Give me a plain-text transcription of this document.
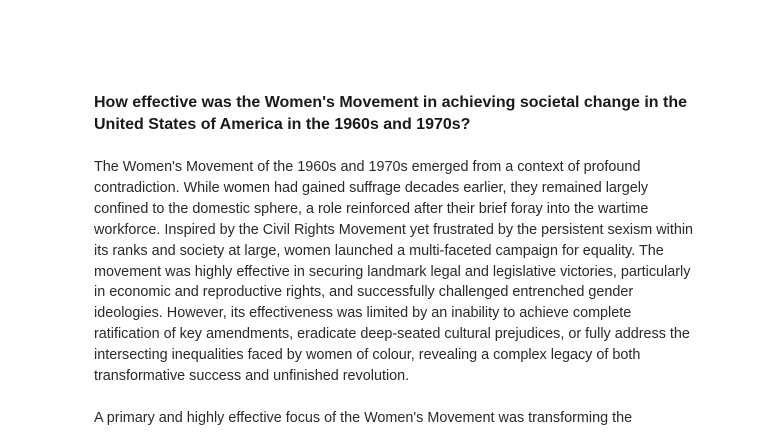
How effective was the Women's Movement in achieving societal change in the United States of America in the 1960s and 1970s?

The Women's Movement of the 1960s and 1970s emerged from a context of profound contradiction. While women had gained suffrage decades earlier, they remained largely confined to the domestic sphere, a role reinforced after their brief foray into the wartime workforce. Inspired by the Civil Rights Movement yet frustrated by the persistent sexism within its ranks and society at large, women launched a multi-faceted campaign for equality. The movement was highly effective in securing landmark legal and legislative victories, particularly in economic and reproductive rights, and successfully challenged entrenched gender ideologies. However, its effectiveness was limited by an inability to achieve complete ratification of key amendments, eradicate deep-seated cultural prejudices, or fully address the intersecting inequalities faced by women of colour, revealing a complex legacy of both transformative success and unfinished revolution.

A primary and highly effective focus of the Women's Movement was transforming the
